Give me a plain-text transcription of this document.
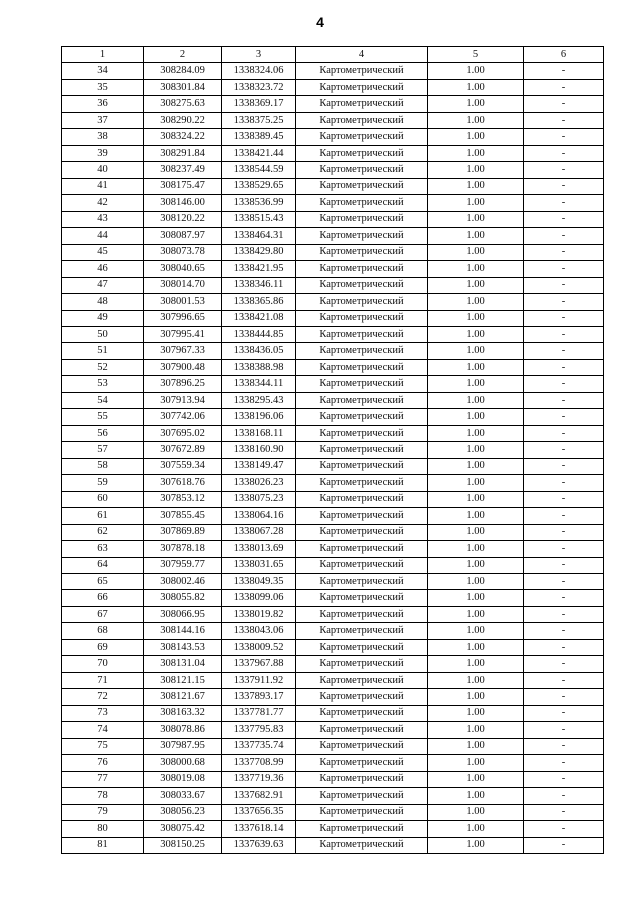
4
1	2	3	4	5	6
34	308284.09	1338324.06	Картометрический	1.00	-
35	308301.84	1338323.72	Картометрический	1.00	-
36	308275.63	1338369.17	Картометрический	1.00	-
37	308290.22	1338375.25	Картометрический	1.00	-
38	308324.22	1338389.45	Картометрический	1.00	-
39	308291.84	1338421.44	Картометрический	1.00	-
40	308237.49	1338544.59	Картометрический	1.00	-
41	308175.47	1338529.65	Картометрический	1.00	-
42	308146.00	1338536.99	Картометрический	1.00	-
43	308120.22	1338515.43	Картометрический	1.00	-
44	308087.97	1338464.31	Картометрический	1.00	-
45	308073.78	1338429.80	Картометрический	1.00	-
46	308040.65	1338421.95	Картометрический	1.00	-
47	308014.70	1338346.11	Картометрический	1.00	-
48	308001.53	1338365.86	Картометрический	1.00	-
49	307996.65	1338421.08	Картометрический	1.00	-
50	307995.41	1338444.85	Картометрический	1.00	-
51	307967.33	1338436.05	Картометрический	1.00	-
52	307900.48	1338388.98	Картометрический	1.00	-
53	307896.25	1338344.11	Картометрический	1.00	-
54	307913.94	1338295.43	Картометрический	1.00	-
55	307742.06	1338196.06	Картометрический	1.00	-
56	307695.02	1338168.11	Картометрический	1.00	-
57	307672.89	1338160.90	Картометрический	1.00	-
58	307559.34	1338149.47	Картометрический	1.00	-
59	307618.76	1338026.23	Картометрический	1.00	-
60	307853.12	1338075.23	Картометрический	1.00	-
61	307855.45	1338064.16	Картометрический	1.00	-
62	307869.89	1338067.28	Картометрический	1.00	-
63	307878.18	1338013.69	Картометрический	1.00	-
64	307959.77	1338031.65	Картометрический	1.00	-
65	308002.46	1338049.35	Картометрический	1.00	-
66	308055.82	1338099.06	Картометрический	1.00	-
67	308066.95	1338019.82	Картометрический	1.00	-
68	308144.16	1338043.06	Картометрический	1.00	-
69	308143.53	1338009.52	Картометрический	1.00	-
70	308131.04	1337967.88	Картометрический	1.00	-
71	308121.15	1337911.92	Картометрический	1.00	-
72	308121.67	1337893.17	Картометрический	1.00	-
73	308163.32	1337781.77	Картометрический	1.00	-
74	308078.86	1337795.83	Картометрический	1.00	-
75	307987.95	1337735.74	Картометрический	1.00	-
76	308000.68	1337708.99	Картометрический	1.00	-
77	308019.08	1337719.36	Картометрический	1.00	-
78	308033.67	1337682.91	Картометрический	1.00	-
79	308056.23	1337656.35	Картометрический	1.00	-
80	308075.42	1337618.14	Картометрический	1.00	-
81	308150.25	1337639.63	Картометрический	1.00	-
